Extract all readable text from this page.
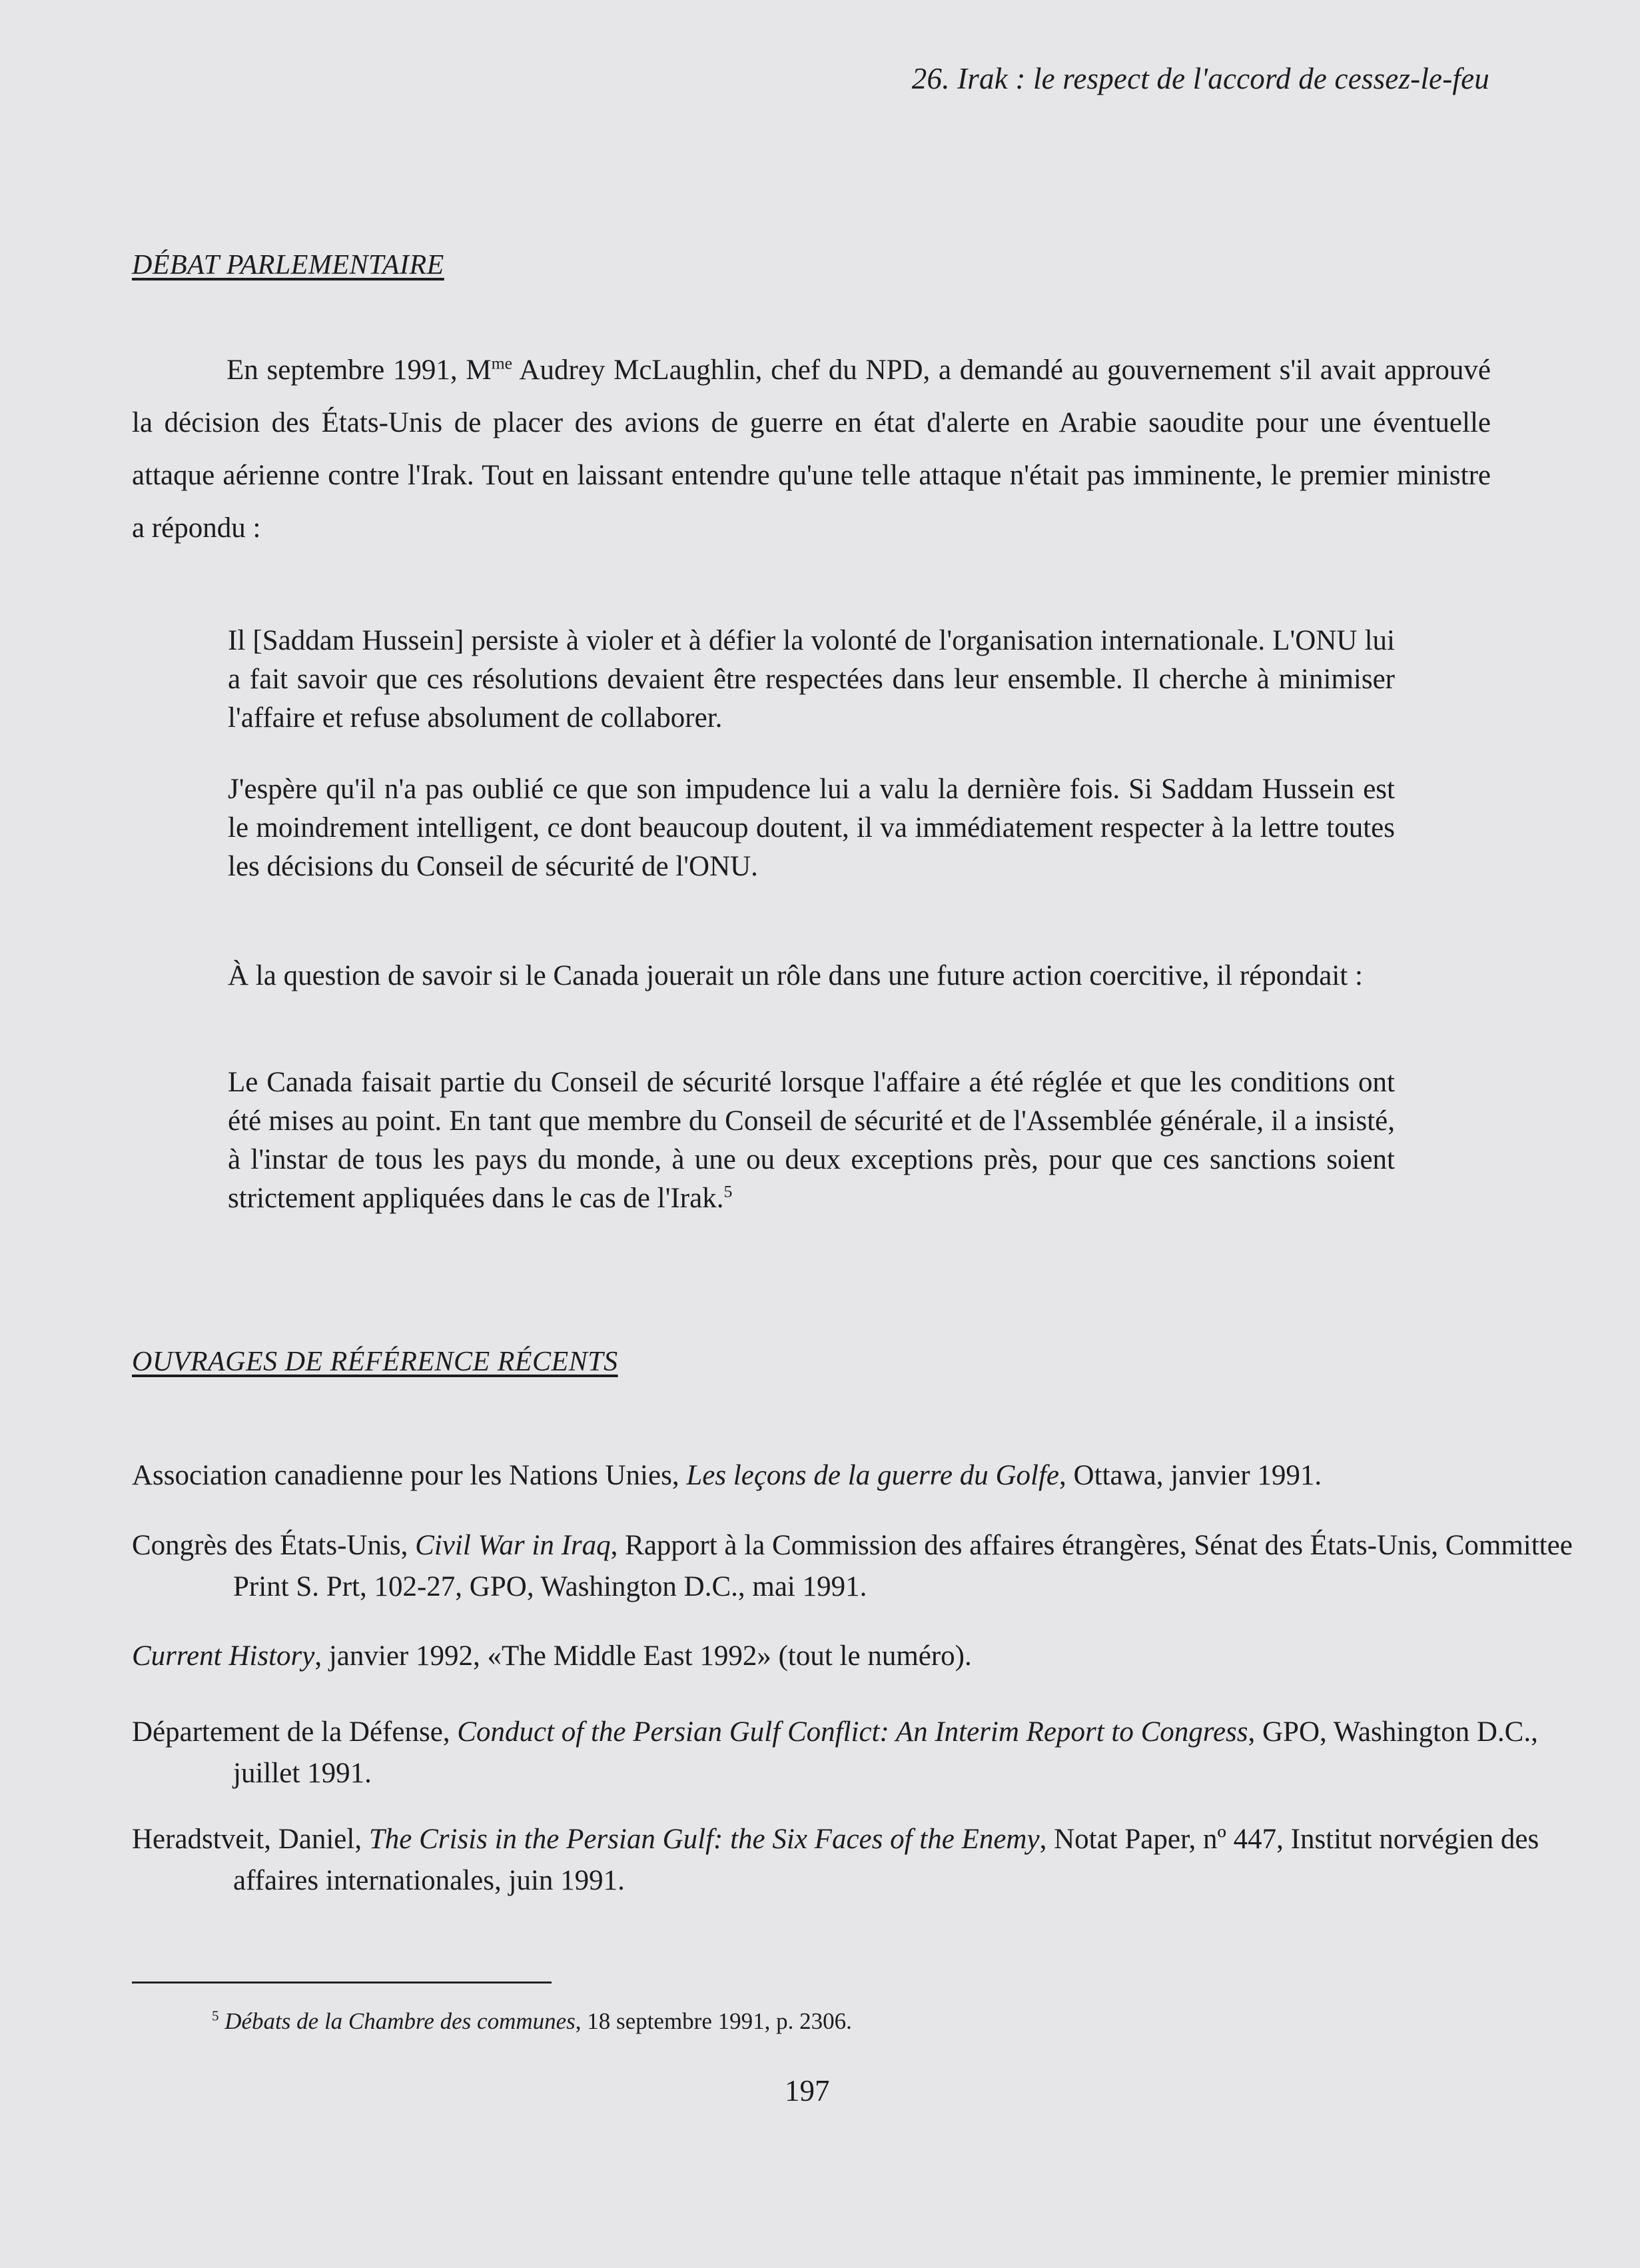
26. Irak : le respect de l'accord de cessez-le-feu
DÉBAT PARLEMENTAIRE
En septembre 1991, $M^{me}$ Audrey McLaughlin, chef du NPD, a demandé au gouvernement s'il avait approuvé la décision des États-Unis de placer des avions de guerre en état d'alerte en Arabie saoudite pour une éventuelle attaque aérienne contre l'Irak. Tout en laissant entendre qu'une telle attaque n'était pas imminente, le premier ministre a répondu :
Il [Saddam Hussein] persiste à violer et à défier la volonté de l'organisation internationale. L'ONU lui a fait savoir que ces résolutions devaient être respectées dans leur ensemble. Il cherche à minimiser l'affaire et refuse absolument de collaborer.
J'espère qu'il n'a pas oublié ce que son impudence lui a valu la dernière fois. Si Saddam Hussein est le moindrement intelligent, ce dont beaucoup doutent, il va immédiatement respecter à la lettre toutes les décisions du Conseil de sécurité de l'ONU.
À la question de savoir si le Canada jouerait un rôle dans une future action coercitive, il répondait :
Le Canada faisait partie du Conseil de sécurité lorsque l'affaire a été réglée et que les conditions ont été mises au point. En tant que membre du Conseil de sécurité et de l'Assemblée générale, il a insisté, à l'instar de tous les pays du monde, à une ou deux exceptions près, pour que ces sanctions soient strictement appliquées dans le cas de l'Irak.$^5$
OUVRAGES DE RÉFÉRENCE RÉCENTS
Association canadienne pour les Nations Unies, Les leçons de la guerre du Golfe, Ottawa, janvier 1991.
Congrès des États-Unis, Civil War in Iraq, Rapport à la Commission des affaires étrangères, Sénat des États-Unis, Committee Print S. Prt, 102-27, GPO, Washington D.C., mai 1991.
Current History, janvier 1992, «The Middle East 1992» (tout le numéro).
Département de la Défense, Conduct of the Persian Gulf Conflict: An Interim Report to Congress, GPO, Washington D.C., juillet 1991.
Heradstveit, Daniel, The Crisis in the Persian Gulf: the Six Faces of the Enemy, Notat Paper, nº 447, Institut norvégien des affaires internationales, juin 1991.
$^5$ Débats de la Chambre des communes, 18 septembre 1991, p. 2306.
197
